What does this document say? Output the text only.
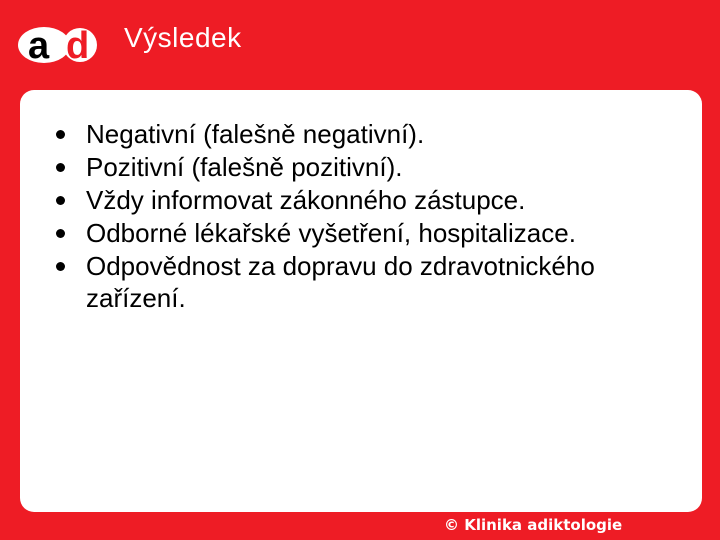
a d Výsledek
Negativní (falešně negativní).
Pozitivní (falešně pozitivní).
Vždy informovat zákonného zástupce.
Odborné lékařské vyšetření, hospitalizace.
Odpovědnost za dopravu do zdravotnického zařízení.
© Klinika adiktologie
